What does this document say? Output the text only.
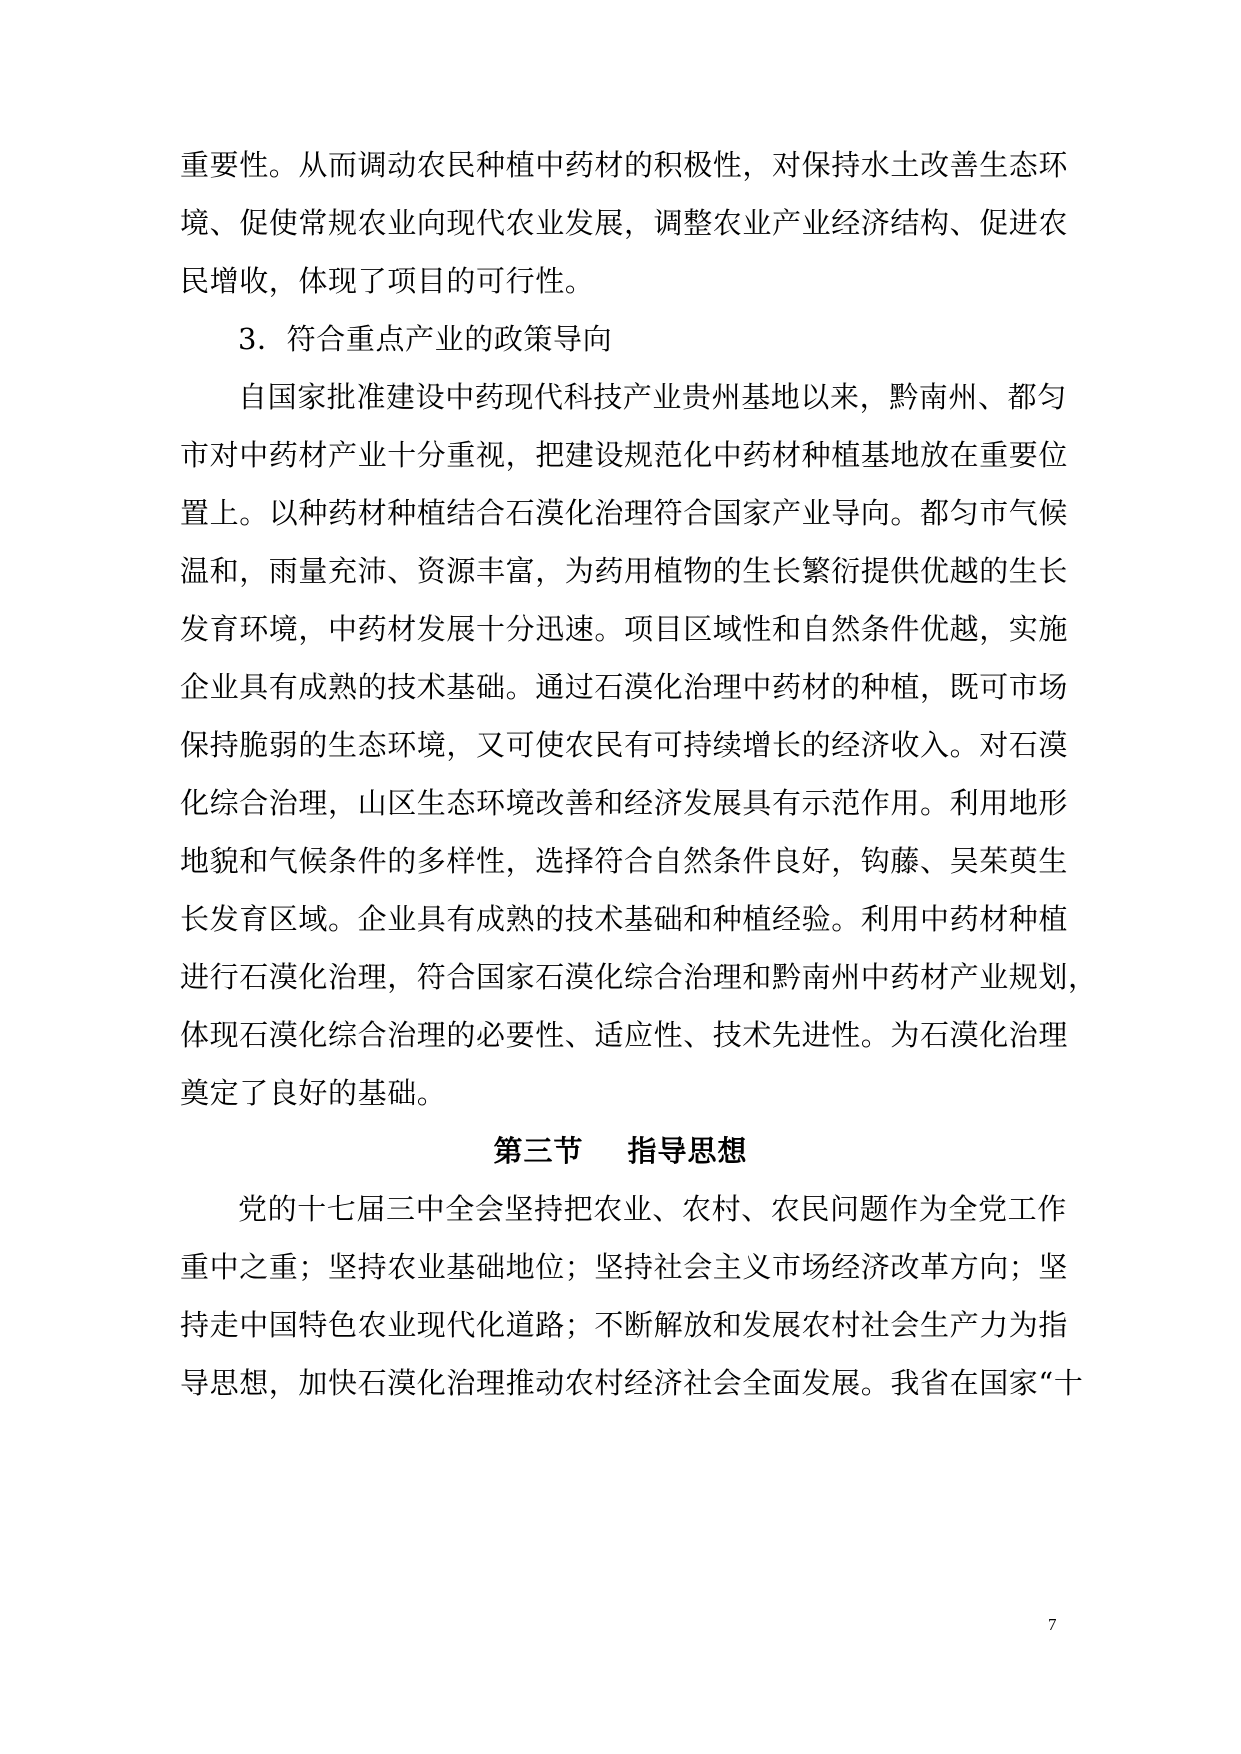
重要性。从而调动农民种植中药材的积极性，对保持水土改善生态环
境、促使常规农业向现代农业发展，调整农业产业经济结构、促进农
民增收，体现了项目的可行性。
3．符合重点产业的政策导向
自国家批准建设中药现代科技产业贵州基地以来，黔南州、都匀
市对中药材产业十分重视，把建设规范化中药材种植基地放在重要位
置上。以种药材种植结合石漠化治理符合国家产业导向。都匀市气候
温和，雨量充沛、资源丰富，为药用植物的生长繁衍提供优越的生长
发育环境，中药材发展十分迅速。项目区域性和自然条件优越，实施
企业具有成熟的技术基础。通过石漠化治理中药材的种植，既可市场
保持脆弱的生态环境，又可使农民有可持续增长的经济收入。对石漠
化综合治理，山区生态环境改善和经济发展具有示范作用。利用地形
地貌和气候条件的多样性，选择符合自然条件良好，钩藤、吴茱萸生
长发育区域。企业具有成熟的技术基础和种植经验。利用中药材种植
进行石漠化治理，符合国家石漠化综合治理和黔南州中药材产业规划，
体现石漠化综合治理的必要性、适应性、技术先进性。为石漠化治理
奠定了良好的基础。
第三节 指导思想
党的十七届三中全会坚持把农业、农村、农民问题作为全党工作
重中之重；坚持农业基础地位；坚持社会主义市场经济改革方向；坚
持走中国特色农业现代化道路；不断解放和发展农村社会生产力为指
导思想，加快石漠化治理推动农村经济社会全面发展。我省在国家“十
7
